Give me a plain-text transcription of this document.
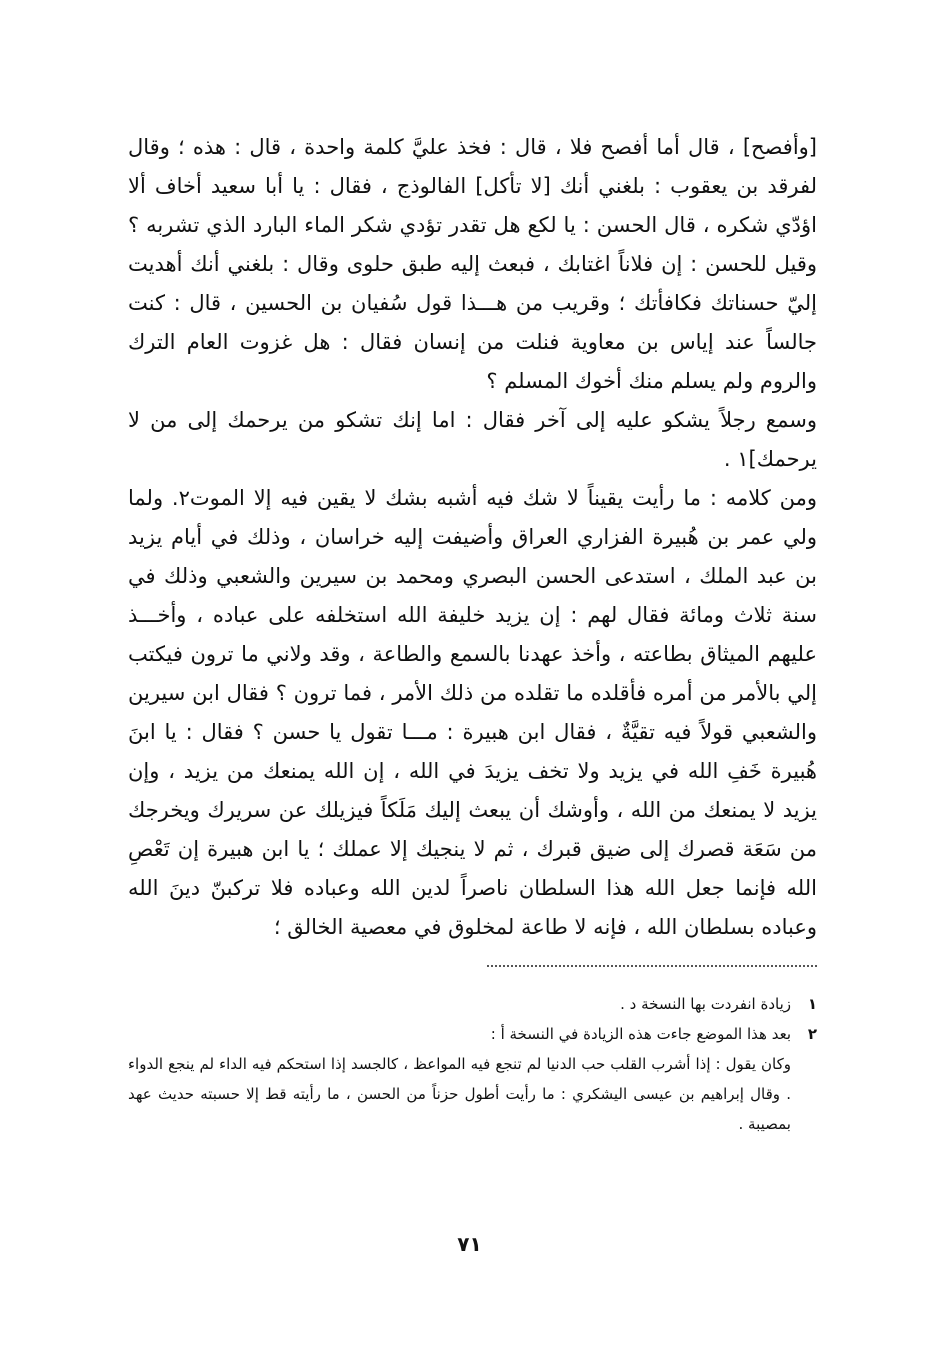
[وأفصح] ، قال أما أفصح فلا ، قال : فخذ عليَّ كلمة واحدة ، قال : هذه ؛ وقال لفرقد بن يعقوب : بلغني أنك [لا تأكل] الفالوذج ، فقال : يا أبا سعيد أخاف ألا اؤدّي شكره ، قال الحسن : يا لكع هل تقدر تؤدي شكر الماء البارد الذي تشربه ؟ وقيل للحسن : إن فلاناً اغتابك ، فبعث إليه طبق حلوى وقال : بلغني أنك أهديت إليّ حسناتك فكافأتك ؛ وقريب من هـــذا قول سُفيان بن الحسين ، قال : كنت جالساً عند إياس بن معاوية فنلت من إنسان فقال : هل غزوت العام الترك والروم ولم يسلم منك أخوك المسلم ؟

وسمع رجلاً يشكو عليه إلى آخر فقال : اما إنك تشكو من يرحمك إلى من لا يرحمك]١ .

ومن كلامه : ما رأيت يقيناً لا شك فيه أشبه بشك لا يقين فيه إلا الموت٢. ولما ولي عمر بن هُبيرة الفزاري العراق وأضيفت إليه خراسان ، وذلك في أيام يزيد بن عبد الملك ، استدعى الحسن البصري ومحمد بن سيرين والشعبي وذلك في سنة ثلاث ومائة فقال لهم : إن يزيد خليفة الله استخلفه على عباده ، وأخـــذ عليهم الميثاق بطاعته ، وأخذ عهدنا بالسمع والطاعة ، وقد ولاني ما ترون فيكتب إلي بالأمر من أمره فأقلده ما تقلده من ذلك الأمر ، فما ترون ؟ فقال ابن سيرين والشعبي قولاً فيه تقيَّةٌ ، فقال ابن هبيرة : مـــا تقول يا حسن ؟ فقال : يا ابنَ هُبيرة خَفِ الله في يزيد ولا تخف يزيدَ في الله ، إن الله يمنعك من يزيد ، وإن يزيد لا يمنعك من الله ، وأوشك أن يبعث إليك مَلَكاً فيزيلك عن سريرك ويخرجك من سَعَة قصرك إلى ضيق قبرك ، ثم لا ينجيك إلا عملك ؛ يا ابن هبيرة إن تَعْصِ الله فإنما جعل الله هذا السلطان ناصراً لدين الله وعباده فلا تركبنّ دينَ الله وعباده بسلطان الله ، فإنه لا طاعة لمخلوق في معصية الخالق ؛

١
زيادة انفردت بها النسخة د .
٢
بعد هذا الموضع جاءت هذه الزيادة في النسخة أ :

وكان يقول : إذا أشرب القلب حب الدنيا لم تنجع فيه المواعظ ، كالجسد إذا استحكم فيه الداء لم ينجع الدواء . وقال إبراهيم بن عيسى اليشكري : ما رأيت أطول حزناً من الحسن ، ما رأيته قط إلا حسبته حديث عهد بمصيبة .

٧١
